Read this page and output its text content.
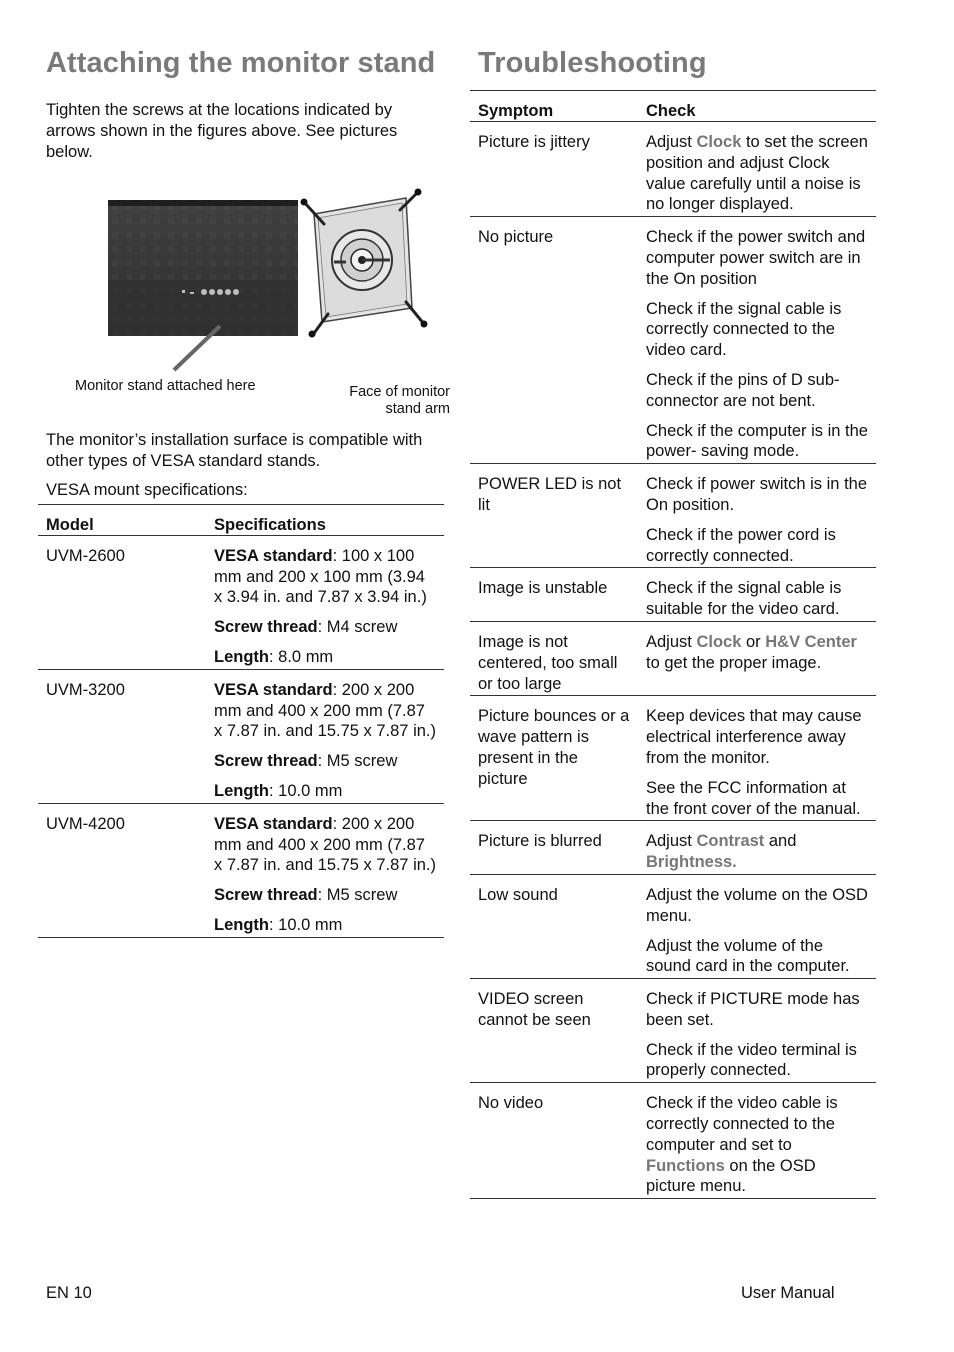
Attaching the monitor stand
Tighten the screws at the locations indicated by arrows shown in the figures above. See pictures below.
Monitor stand attached here	Face of monitor stand arm
The monitor’s installation surface is compatible with other types of VESA standard stands.
VESA mount specifications:
Model	Specifications
UVM-2600	VESA standard: 100 x 100 mm and 200 x 100 mm (3.94 x 3.94 in. and 7.87 x 3.94 in.)
Screw thread: M4 screw
Length: 8.0 mm

UVM-3200	VESA standard: 200 x 200 mm and 400 x 200 mm (7.87 x 7.87 in. and 15.75 x 7.87 in.)
Screw thread: M5 screw
Length: 10.0 mm

UVM-4200	VESA standard: 200 x 200 mm and 400 x 200 mm (7.87 x 7.87 in. and 15.75 x 7.87 in.)
Screw thread: M5 screw
Length: 10.0 mm
Troubleshooting
Symptom	Check
Picture is jittery	Adjust Clock to set the screen position and adjust Clock value carefully until a noise is no longer displayed.

No picture	Check if the power switch and computer power switch are in the On position
Check if the signal cable is correctly connected to the video card.
Check if the pins of D sub-connector are not bent.
Check if the computer is in the power- saving mode.

POWER LED is not lit	Check if power switch is in the On position.
Check if the power cord is correctly connected.

Image is unstable	Check if the signal cable is suitable for the video card.

Image is not centered, too small or too large	Adjust Clock or H&V Center to get the proper image.

Picture bounces or a wave pattern is present in the picture	Keep devices that may cause electrical interference away from the monitor.
See the FCC information at the front cover of the manual.

Picture is blurred	Adjust Contrast and Brightness.

Low sound	Adjust the volume on the OSD menu.
Adjust the volume of the sound card in the computer.

VIDEO screen cannot be seen	Check if PICTURE mode has been set.
Check if the video terminal is properly connected.

No video	Check if the video cable is correctly connected to the computer and set to Functions on the OSD picture menu.
EN 10	User Manual
